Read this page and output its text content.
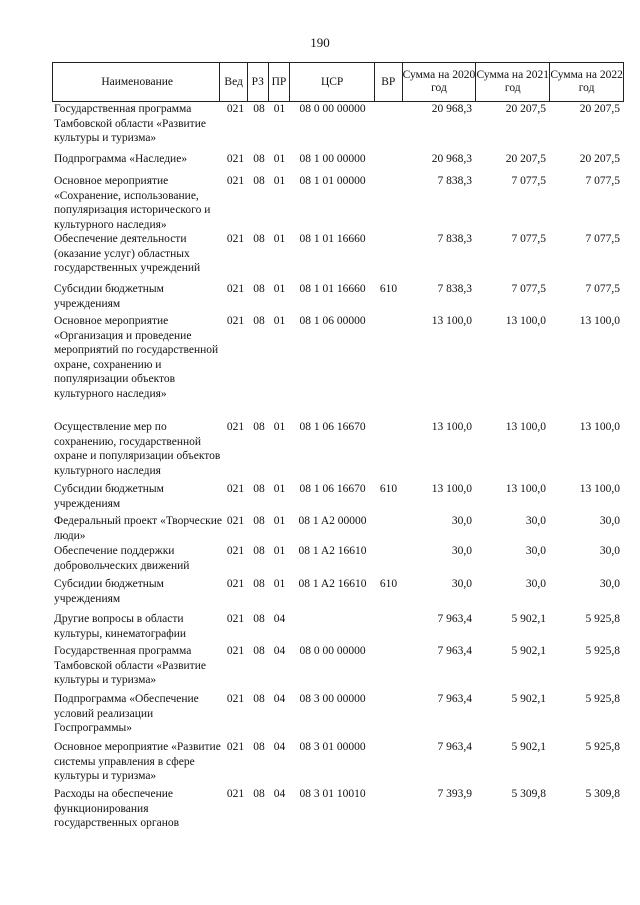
190
Наименование	Вед РЗ ПР	ЦСР	ВР
Сумма на 2020 год
Сумма на 2021 год
Сумма на 2022 год
Государственная программа Тамбовской области «Развитие культуры и туризма»
021 08 01	08 0 00 00000	20 968,3	20 207,5	20 207,5
Подпрограмма «Наследие»	021 08 01	08 1 00 00000	20 968,3	20 207,5	20 207,5
Основное мероприятие «Сохранение, использование, популяризация исторического и культурного наследия»
021 08 01	08 1 01 00000	7 838,3	7 077,5	7 077,5
Обеспечение деятельности (оказание услуг) областных государственных учреждений
021 08 01	08 1 01 16660	7 838,3	7 077,5	7 077,5
Субсидии бюджетным учреждениям
021 08 01	08 1 01 16660	610	7 838,3	7 077,5	7 077,5
Основное мероприятие «Организация и проведение мероприятий по государственной охране, сохранению и популяризации объектов культурного наследия»
021 08 01	08 1 06 00000	13 100,0	13 100,0	13 100,0
Осуществление мер по сохранению, государственной охране и популяризации объектов культурного наследия
021 08 01	08 1 06 16670	13 100,0	13 100,0	13 100,0
Субсидии бюджетным учреждениям
021 08 01	08 1 06 16670	610	13 100,0	13 100,0	13 100,0
Федеральный проект «Творческие люди»
021 08 01	08 1 A2 00000	30,0	30,0	30,0
Обеспечение поддержки добровольческих движений
021 08 01	08 1 A2 16610	30,0	30,0	30,0
Субсидии бюджетным учреждениям
021 08 01	08 1 A2 16610	610	30,0	30,0	30,0
Другие вопросы в области культуры, кинематографии
021 08 04	7 963,4	5 902,1	5 925,8
Государственная программа Тамбовской области «Развитие культуры и туризма»
021 08 04	08 0 00 00000	7 963,4	5 902,1	5 925,8
Подпрограмма «Обеспечение условий реализации Госпрограммы»
021 08 04	08 3 00 00000	7 963,4	5 902,1	5 925,8
Основное мероприятие «Развитие системы управления в сфере культуры и туризма»
021 08 04	08 3 01 00000	7 963,4	5 902,1	5 925,8
Расходы на обеспечение функционирования государственных органов
021 08 04	08 3 01 10010	7 393,9	5 309,8	5 309,8
